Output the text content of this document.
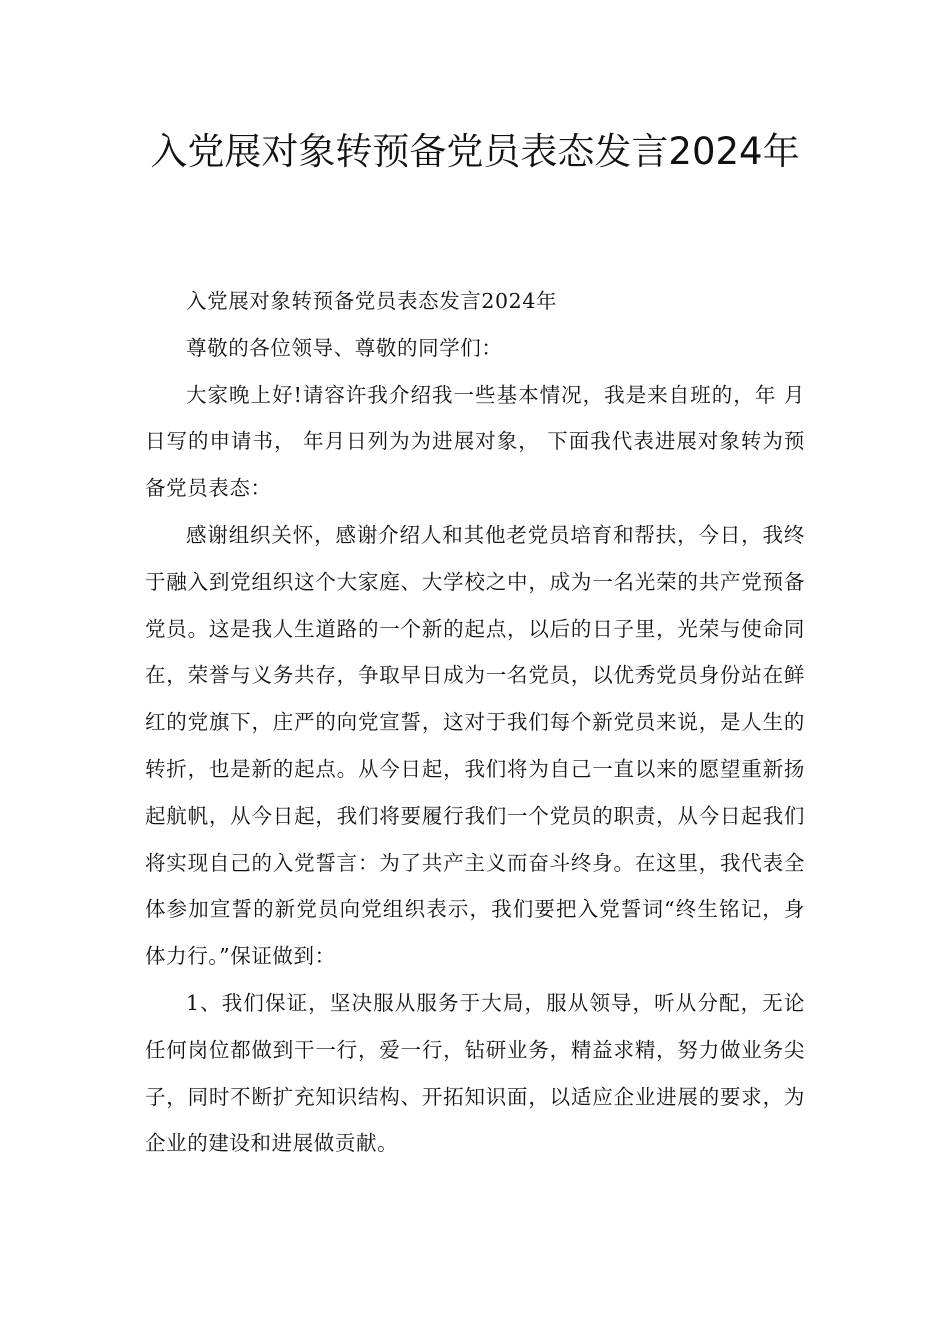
入党展对象转预备党员表态发言2024年

入党展对象转预备党员表态发言2024年

尊敬的各位领导、尊敬的同学们：

大家晚上好!请容许我介绍我一些基本情况，我是来自班的，年 月 日写的申请书， 年月日列为为进展对象， 下面我代表进展对象转为预备党员表态：

感谢组织关怀，感谢介绍人和其他老党员培育和帮扶，今日，我终于融入到党组织这个大家庭、大学校之中，成为一名光荣的共产党预备党员。这是我人生道路的一个新的起点，以后的日子里，光荣与使命同在，荣誉与义务共存，争取早日成为一名党员，以优秀党员身份站在鲜红的党旗下，庄严的向党宣誓，这对于我们每个新党员来说，是人生的转折，也是新的起点。从今日起，我们将为自己一直以来的愿望重新扬起航帆，从今日起，我们将要履行我们一个党员的职责，从今日起我们将实现自己的入党誓言：为了共产主义而奋斗终身。在这里，我代表全体参加宣誓的新党员向党组织表示，我们要把入党誓词“终生铭记，身体力行。”保证做到：

1、我们保证，坚决服从服务于大局，服从领导，听从分配，无论任何岗位都做到干一行，爱一行，钻研业务，精益求精，努力做业务尖子，同时不断扩充知识结构、开拓知识面，以适应企业进展的要求，为企业的建设和进展做贡献。
